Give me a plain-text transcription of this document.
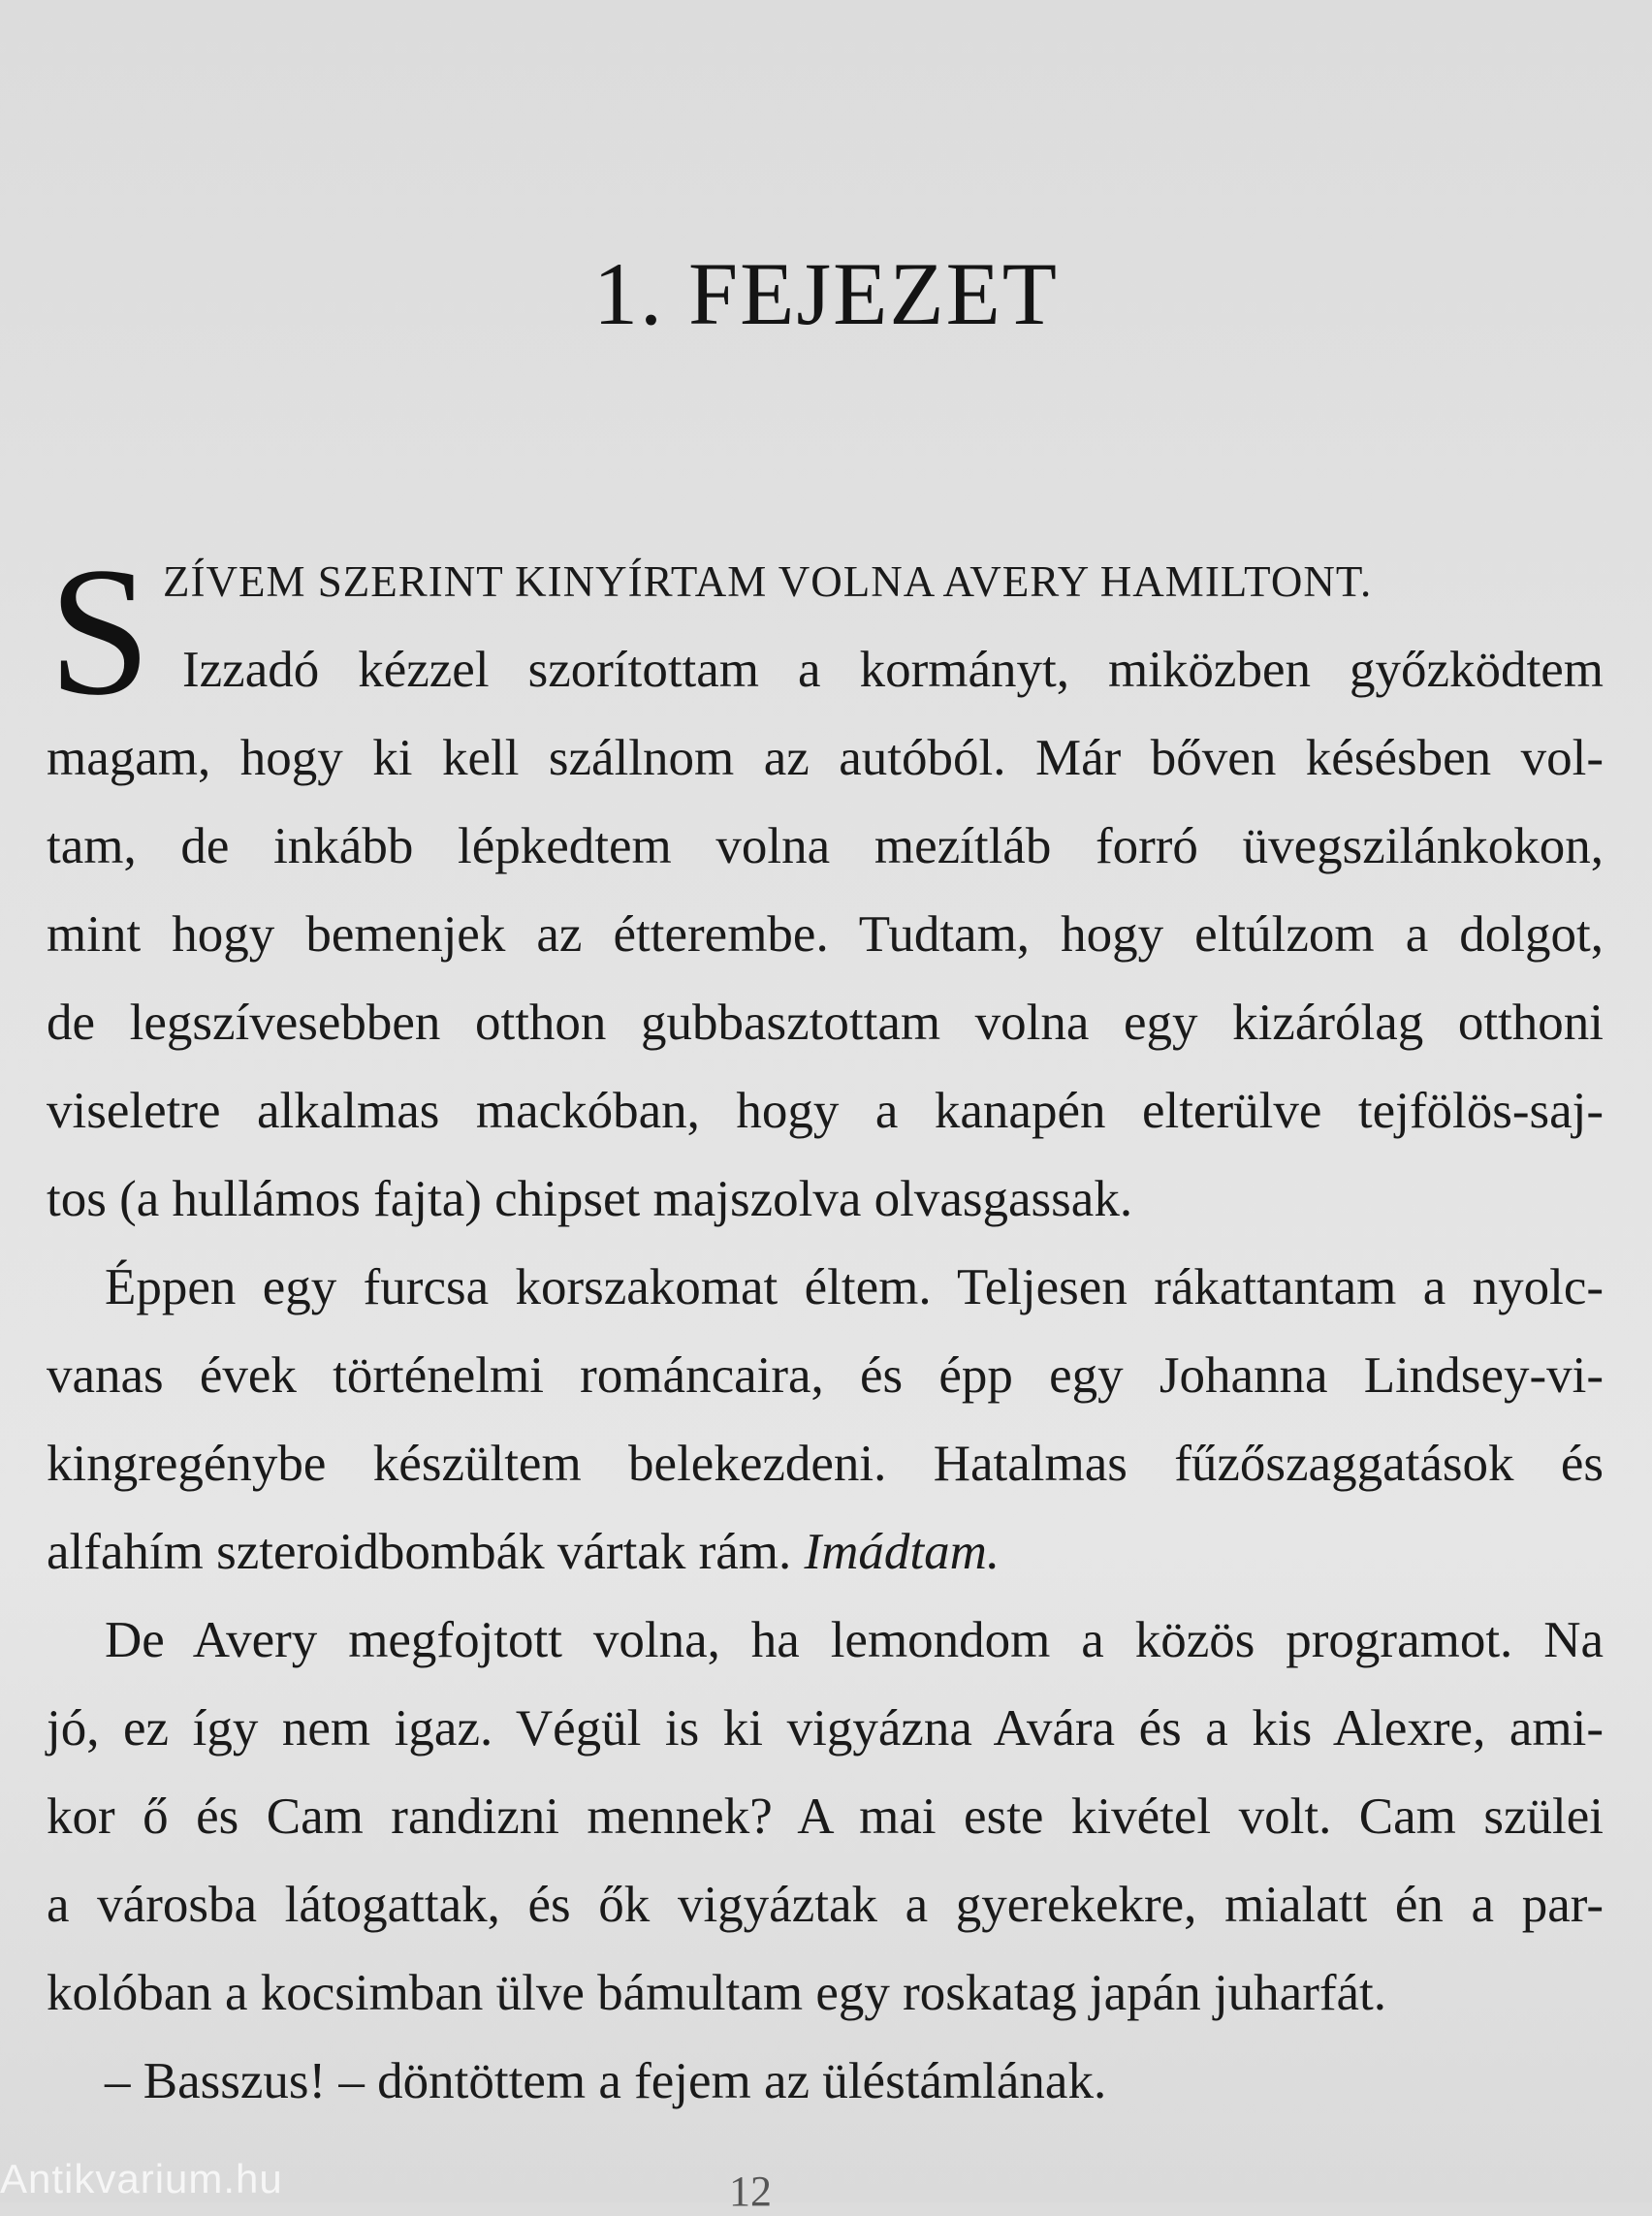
1. FEJEZET
S ZÍVEM SZERINT KINYÍRTAM VOLNA AVERY HAMILTONT.
Izzadó kézzel szorítottam a kormányt, miközben győzködtem
magam, hogy ki kell szállnom az autóból. Már bőven késésben vol-
tam, de inkább lépkedtem volna mezítláb forró üvegszilánkokon,
mint hogy bemenjek az étterembe. Tudtam, hogy eltúlzom a dolgot,
de legszívesebben otthon gubbasztottam volna egy kizárólag otthoni
viseletre alkalmas mackóban, hogy a kanapén elterülve tejfölös-saj-
tos (a hullámos fajta) chipset majszolva olvasgassak.
Éppen egy furcsa korszakomat éltem. Teljesen rákattantam a nyolc-
vanas évek történelmi románcaira, és épp egy Johanna Lindsey-vi-
kingregénybe készültem belekezdeni. Hatalmas fűzőszaggatások és
alfahím szteroidbombák vártak rám. Imádtam.
De Avery megfojtott volna, ha lemondom a közös programot. Na
jó, ez így nem igaz. Végül is ki vigyázna Avára és a kis Alexre, ami-
kor ő és Cam randizni mennek? A mai este kivétel volt. Cam szülei
a városba látogattak, és ők vigyáztak a gyerekekre, mialatt én a par-
kolóban a kocsimban ülve bámultam egy roskatag japán juharfát.
– Basszus! – döntöttem a fejem az üléstámlának.
Antikvarium.hu	12
